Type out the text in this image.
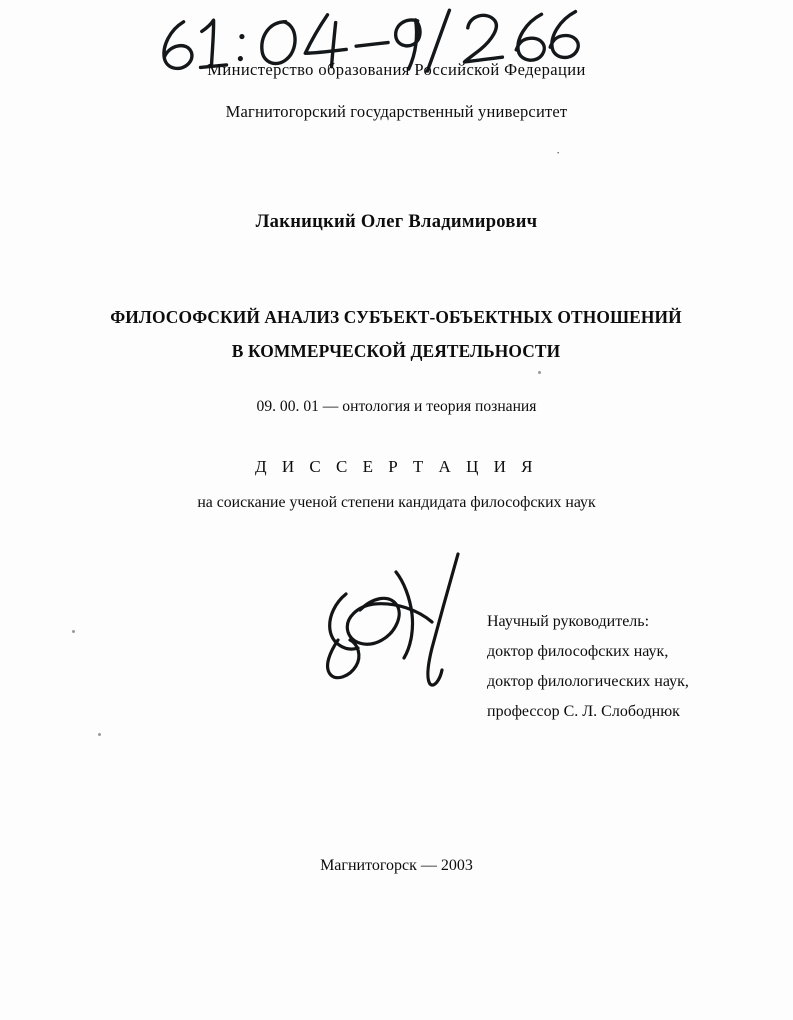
Министерство образования Российской Федерации
Магнитогорский государственный университет
·
Лакницкий Олег Владимирович
ФИЛОСОФСКИЙ АНАЛИЗ СУБЪЕКТ-ОБЪЕКТНЫХ ОТНОШЕНИЙ
В КОММЕРЧЕСКОЙ ДЕЯТЕЛЬНОСТИ
09. 00. 01 — онтология и теория познания
Д И С С Е Р Т А Ц И Я
на соискание ученой степени кандидата философских наук
Научный руководитель:
доктор философских наук,
доктор филологических наук,
профессор С. Л. Слободнюк
Магнитогорск — 2003
